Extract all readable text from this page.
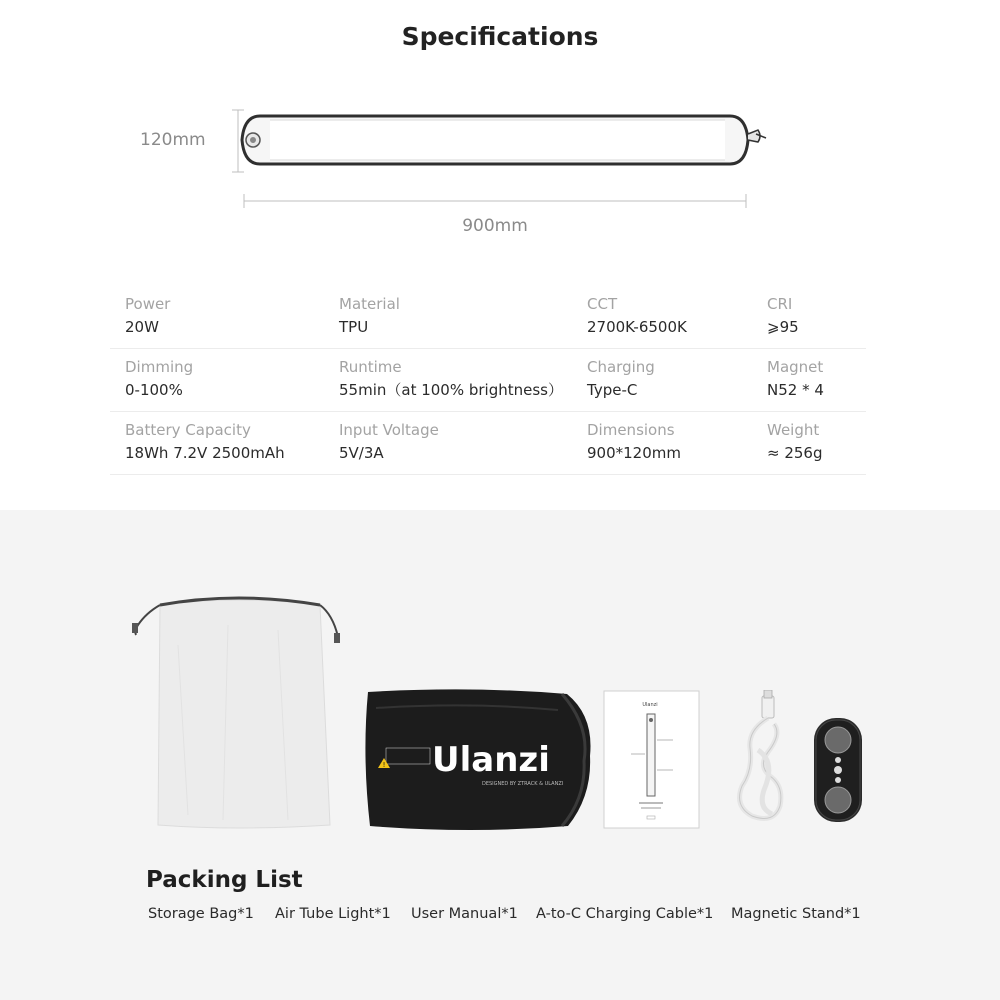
Specifications
120mm
900mm
Power
20W
Material
TPU
CCT
2700K-6500K
CRI
⩾95
Dimming
0-100%
Runtime
55min（at 100% brightness）
Charging
Type-C
Magnet
N52 * 4
Battery Capacity
18Wh 7.2V 2500mAh
Input Voltage
5V/3A
Dimensions
900*120mm
Weight
≈ 256g
! Ulanzi
DESIGNED BY ZTRACK & ULANZI
Ulanzi
Packing List
Storage Bag*1 Air Tube Light*1 User Manual*1 A-to-C Charging Cable*1 Magnetic Stand*1
